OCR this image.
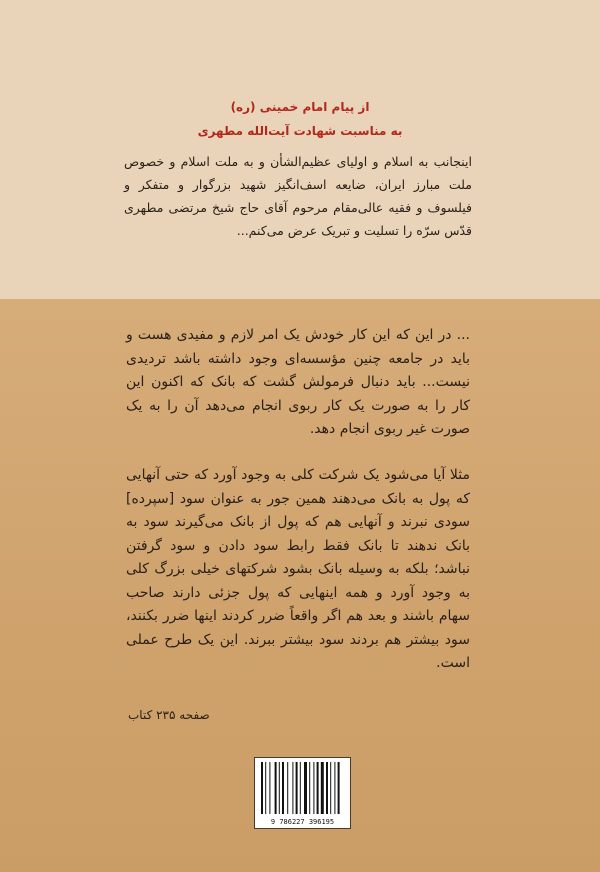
از پیام امام خمینی (ره)
به مناسبت شهادت آیت‌الله مطهری
اینجانب به اسلام و اولیای عظیم‌الشأن و به ملت اسلام و خصوص ملت مبارز ایران، ضایعه اسف‌انگیز شهید بزرگوار و متفکر و فیلسوف و فقیه عالی‌مقام مرحوم آقای حاج شیخ مرتضی مطهری قدّس سرّه را تسلیت و تبریک عرض می‌کنم...
... در این که این کار خودش یک امر لازم و مفیدی هست و باید در جامعه چنین مؤسسه‌ای وجود داشته باشد تردیدی نیست... باید دنبال فرمولش گشت که بانک که اکنون این کار را به صورت یک کار ربوی انجام می‌دهد آن را به یک صورت غیر ربوی انجام دهد.
مثلا آیا می‌شود یک شرکت کلی به وجود آورد که حتی آنهایی که پول به بانک می‌دهند همین جور به عنوان سود [سپرده] سودی نبرند و آنهایی هم که پول از بانک می‌گیرند سود به بانک ندهند تا بانک فقط رابط سود دادن و سود گرفتن نباشد؛ بلکه به وسیله بانک بشود شرکتهای خیلی بزرگ کلی به وجود آورد و همه اینهایی که پول جزئی دارند صاحب سهام باشند و بعد هم اگر واقعاً ضرر کردند اینها ضرر بکنند، سود بیشتر هم بردند سود بیشتر ببرند. این یک طرح عملی است.
صفحه ۲۳۵ کتاب
9 786227 396195
